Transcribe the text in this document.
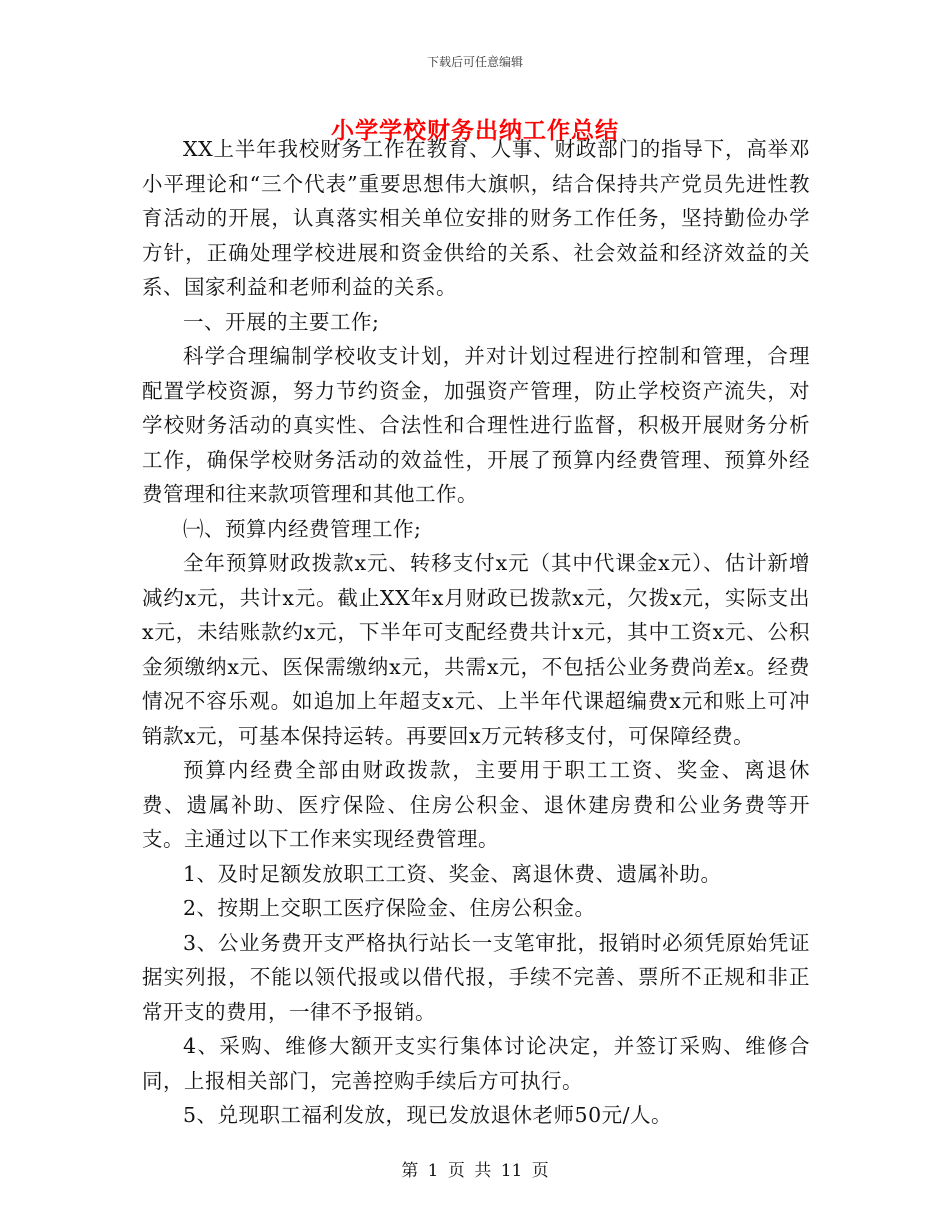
下载后可任意编辑
小学学校财务出纳工作总结

XX上半年我校财务工作在教育、人事、财政部门的指导下，高举邓小平理论和“三个代表”重要思想伟大旗帜，结合保持共产党员先进性教育活动的开展，认真落实相关单位安排的财务工作任务，坚持勤俭办学方针，正确处理学校进展和资金供给的关系、社会效益和经济效益的关系、国家利益和老师利益的关系。

一、开展的主要工作;

科学合理编制学校收支计划，并对计划过程进行控制和管理，合理配置学校资源，努力节约资金，加强资产管理，防止学校资产流失，对学校财务活动的真实性、合法性和合理性进行监督，积极开展财务分析工作，确保学校财务活动的效益性，开展了预算内经费管理、预算外经费管理和往来款项管理和其他工作。

㈠、预算内经费管理工作;

全年预算财政拨款x元、转移支付x元（其中代课金x元）、估计新增减约x元，共计x元。截止XX年x月财政已拨款x元，欠拨x元，实际支出x元，未结账款约x元，下半年可支配经费共计x元，其中工资x元、公积金须缴纳x元、医保需缴纳x元，共需x元，不包括公业务费尚差x。经费情况不容乐观。如追加上年超支x元、上半年代课超编费x元和账上可冲销款x元，可基本保持运转。再要回x万元转移支付，可保障经费。

预算内经费全部由财政拨款，主要用于职工工资、奖金、离退休费、遗属补助、医疗保险、住房公积金、退休建房费和公业务费等开支。主通过以下工作来实现经费管理。

1、及时足额发放职工工资、奖金、离退休费、遗属补助。

2、按期上交职工医疗保险金、住房公积金。

3、公业务费开支严格执行站长一支笔审批，报销时必须凭原始凭证据实列报，不能以领代报或以借代报，手续不完善、票所不正规和非正常开支的费用，一律不予报销。

4、采购、维修大额开支实行集体讨论决定，并签订采购、维修合同，上报相关部门，完善控购手续后方可执行。

5、兑现职工福利发放，现已发放退休老师50元/人。

第 1 页 共 11 页
